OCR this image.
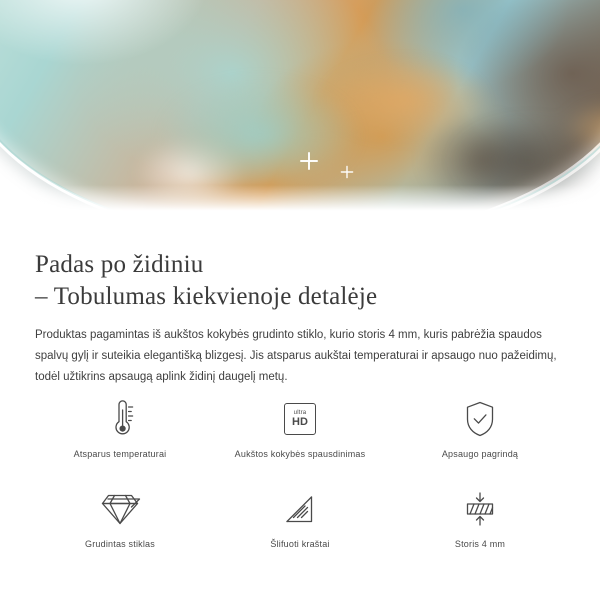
Padas po židiniu
– Tobulumas kiekvienoje detalėje

Produktas pagamintas iš aukštos kokybės grudinto stiklo, kurio storis 4 mm, kuris pabrėžia spaudos spalvų gylį ir suteikia elegantišką blizgesį. Jis atsparus aukštai temperaturai ir apsaugo nuo pažeidimų, todėl užtikrins apsaugą aplink židinį daugelį metų.

Atsparus temperaturai
ultra
HD
Aukštos kokybės spausdinimas	Apsaugo pagrindą
Grudintas stiklas	Šlifuoti kraštai	Storis 4 mm
